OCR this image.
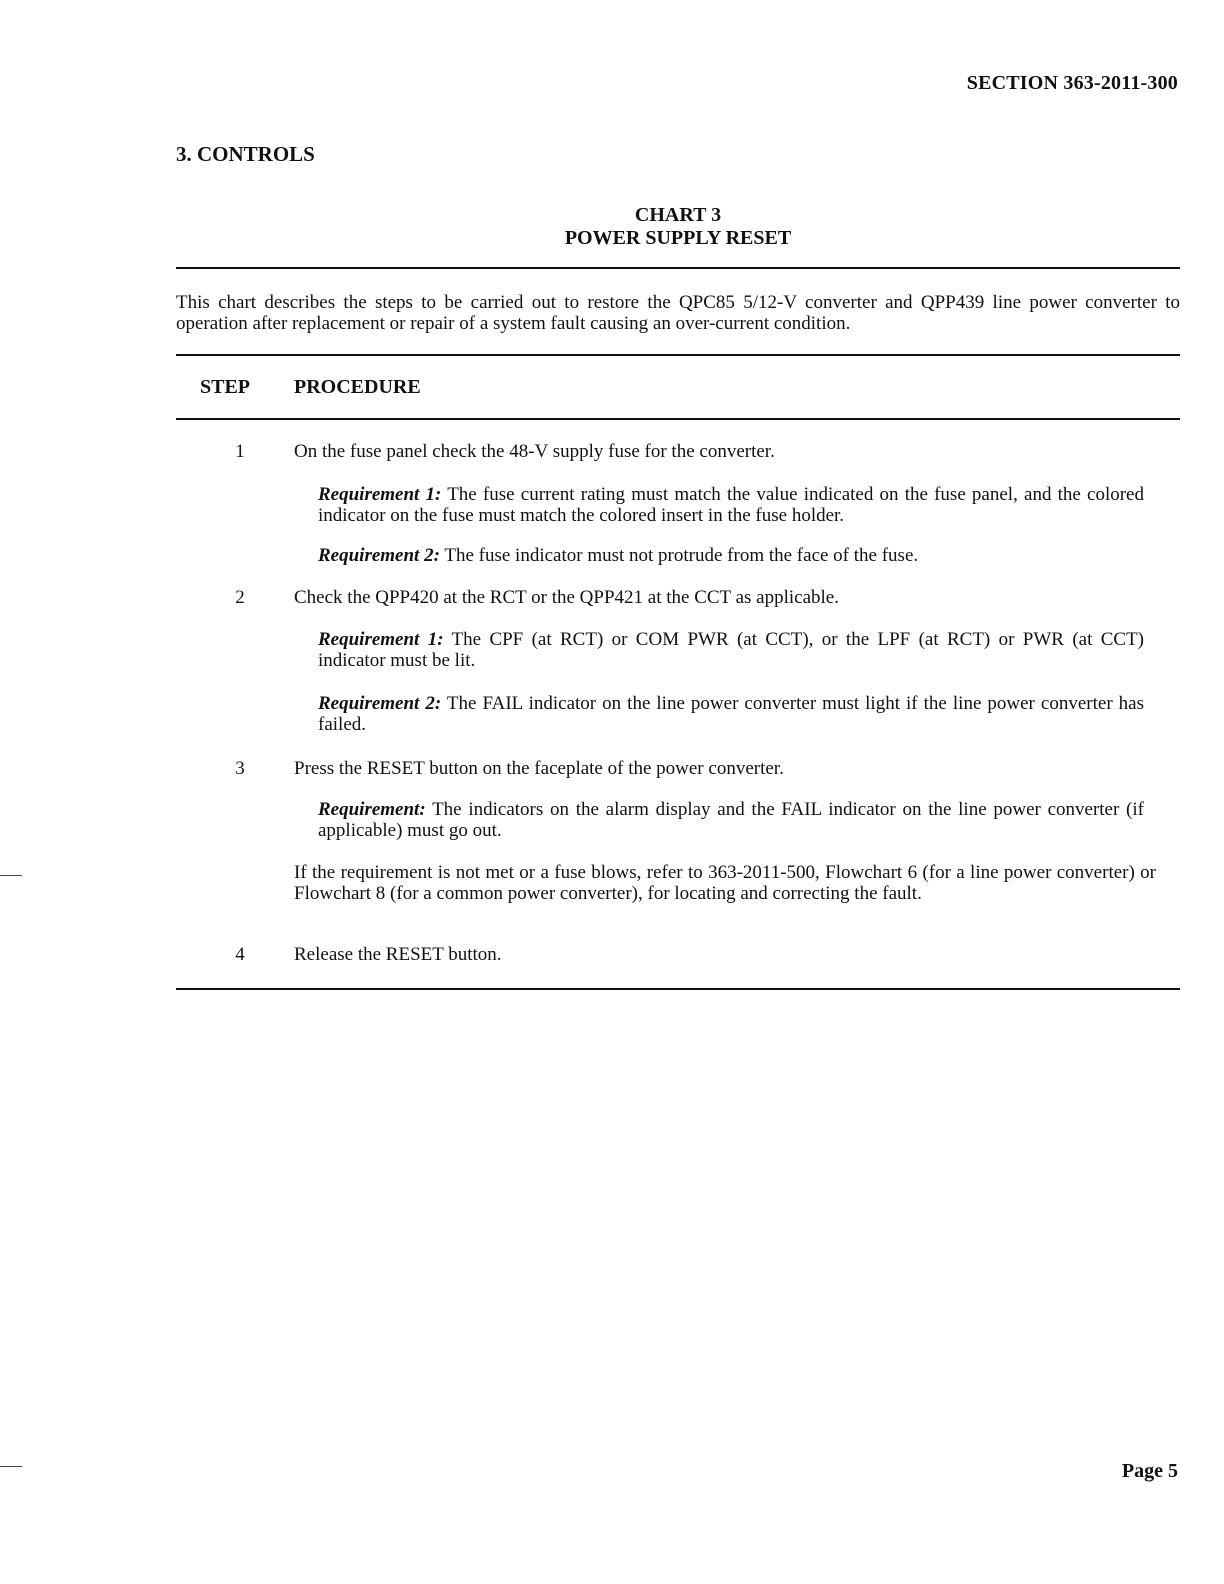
SECTION 363-2011-300
3. CONTROLS
CHART 3
POWER SUPPLY RESET
This chart describes the steps to be carried out to restore the QPC85 5/12-V converter and QPP439 line power converter to operation after replacement or repair of a system fault causing an over-current condition.
STEP PROCEDURE
1	On the fuse panel check the 48-V supply fuse for the converter.
Requirement 1: The fuse current rating must match the value indicated on the fuse panel, and the colored indicator on the fuse must match the colored insert in the fuse holder.
Requirement 2: The fuse indicator must not protrude from the face of the fuse.
2	Check the QPP420 at the RCT or the QPP421 at the CCT as applicable.
Requirement 1: The CPF (at RCT) or COM PWR (at CCT), or the LPF (at RCT) or PWR (at CCT) indicator must be lit.
Requirement 2: The FAIL indicator on the line power converter must light if the line power converter has failed.
3	Press the RESET button on the faceplate of the power converter.
Requirement: The indicators on the alarm display and the FAIL indicator on the line power converter (if applicable) must go out.
If the requirement is not met or a fuse blows, refer to 363-2011-500, Flowchart 6 (for a line power converter) or Flowchart 8 (for a common power converter), for locating and correcting the fault.
4	Release the RESET button.
Page 5
